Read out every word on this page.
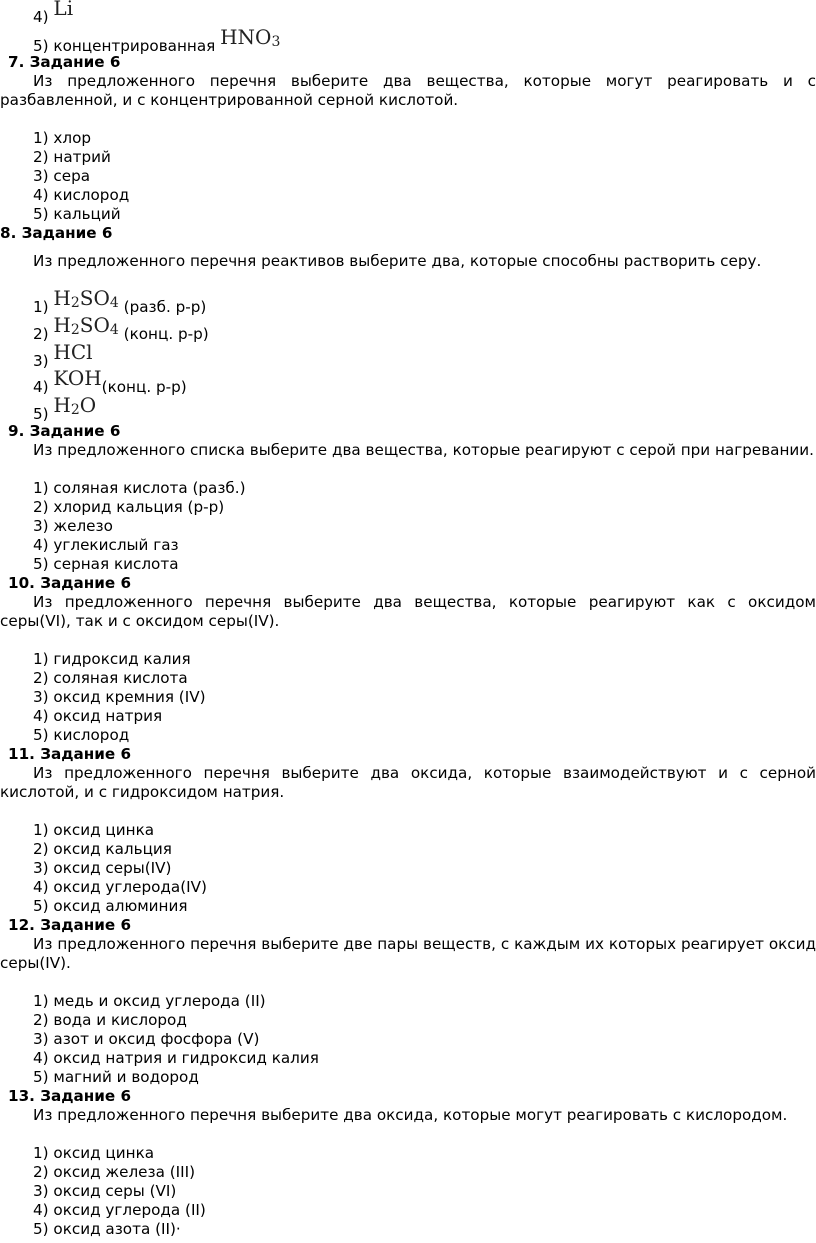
4) Li
5) концентрированная $HNO_3$
7. Задание 6
Из предложенного перечня выберите два вещества, которые могут реагировать и с
разбавленной, и с концентрированной серной кислотой.
1) хлор
2) натрий
3) сера
4) кислород
5) кальций
8. Задание 6
Из предложенного перечня реактивов выберите два, которые способны растворить серу.
1) $H_2SO_4$ (разб. р-р)
2) $H_2SO_4$ (конц. р-р)
3) HCl
4) KOH(конц. р-р)
5) $H_2O$
9. Задание 6
Из предложенного списка выберите два вещества, которые реагируют с серой при нагревании.
1) соляная кислота (разб.)
2) хлорид кальция (р-р)
3) железо
4) углекислый газ
5) серная кислота
10. Задание 6
Из предложенного перечня выберите два вещества, которые реагируют как с оксидом
серы(VI), так и с оксидом серы(IV).
1) гидроксид калия
2) соляная кислота
3) оксид кремния (IV)
4) оксид натрия
5) кислород
11. Задание 6
Из предложенного перечня выберите два оксида, которые взаимодействуют и с серной
кислотой, и с гидроксидом натрия.
1) оксид цинка
2) оксид кальция
3) оксид серы(IV)
4) оксид углерода(IV)
5) оксид алюминия
12. Задание 6
Из предложенного перечня выберите две пары веществ, с каждым их которых реагирует оксид
серы(IV).
1) медь и оксид углерода (II)
2) вода и кислород
3) азот и оксид фосфора (V)
4) оксид натрия и гидроксид калия
5) магний и водород
13. Задание 6
Из предложенного перечня выберите два оксида, которые могут реагировать с кислородом.
1) оксид цинка
2) оксид железа (III)
3) оксид серы (VI)
4) оксид углерода (II)
5) оксид азота (II)·
